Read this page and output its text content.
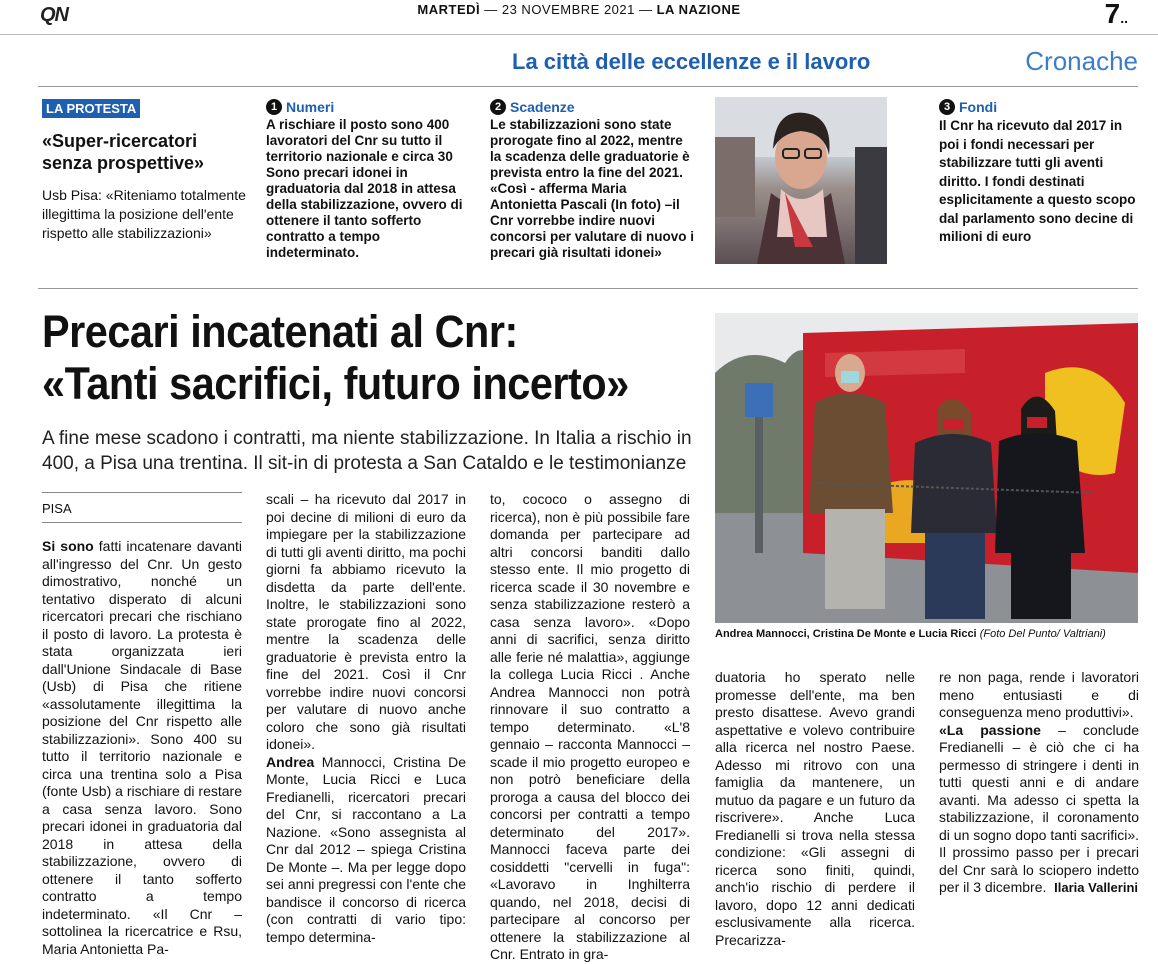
QN	MARTEDÌ — 23 NOVEMBRE 2021 — LA NAZIONE	7..
La città delle eccellenze e il lavoro	Cronache
LA PROTESTA
«Super-ricercatori
senza prospettive»
Usb Pisa: «Riteniamo totalmente illegittima la posizione dell'ente rispetto alle stabilizzazioni»
1 Numeri
A rischiare il posto sono 400 lavoratori del Cnr su tutto il territorio nazionale e circa 30 Sono precari idonei in graduatoria dal 2018 in attesa della stabilizzazione, ovvero di ottenere il tanto sofferto contratto a tempo indeterminato.
2 Scadenze
Le stabilizzazioni sono state prorogate fino al 2022, mentre la scadenza delle graduatorie è prevista entro la fine del 2021. «Così - afferma Maria Antonietta Pascali (In foto) –il Cnr vorrebbe indire nuovi concorsi per valutare di nuovo i precari già risultati idonei»
3 Fondi
Il Cnr ha ricevuto dal 2017 in poi i fondi necessari per stabilizzare tutti gli aventi diritto. I fondi destinati esplicitamente a questo scopo dal parlamento sono decine di milioni di euro
Precari incatenati al Cnr:
«Tanti sacrifici, futuro incerto»
A fine mese scadono i contratti, ma niente stabilizzazione. In Italia a rischio in 400, a Pisa una trentina. Il sit-in di protesta a San Cataldo e le testimonianze
Andrea Mannocci, Cristina De Monte e Lucia Ricci (Foto Del Punto/ Valtriani)
PISA
Si sono fatti incatenare davanti all'ingresso del Cnr. Un gesto dimostrativo, nonché un tentativo disperato di alcuni ricercatori precari che rischiano il posto di lavoro. La protesta è stata organizzata ieri dall'Unione Sindacale di Base (Usb) di Pisa che ritiene «assolutamente illegittima la posizione del Cnr rispetto alle stabilizzazioni». Sono 400 su tutto il territorio nazionale e circa una trentina solo a Pisa (fonte Usb) a rischiare di restare a casa senza lavoro. Sono precari idonei in graduatoria dal 2018 in attesa della stabilizzazione, ovvero di ottenere il tanto sofferto contratto a tempo indeterminato. «Il Cnr – sottolinea la ricercatrice e Rsu, Maria Antonietta Pa-
scali – ha ricevuto dal 2017 in poi decine di milioni di euro da impiegare per la stabilizzazione di tutti gli aventi diritto, ma pochi giorni fa abbiamo ricevuto la disdetta da parte dell'ente. Inoltre, le stabilizzazioni sono state prorogate fino al 2022, mentre la scadenza delle graduatorie è prevista entro la fine del 2021. Così il Cnr vorrebbe indire nuovi concorsi per valutare di nuovo anche coloro che sono già risultati idonei».
Andrea Mannocci, Cristina De Monte, Lucia Ricci e Luca Fredianelli, ricercatori precari del Cnr, si raccontano a La Nazione. «Sono assegnista al Cnr dal 2012 – spiega Cristina De Monte –. Ma per legge dopo sei anni pregressi con l'ente che bandisce il concorso di ricerca (con contratti di vario tipo: tempo determina-
to, cococo o assegno di ricerca), non è più possibile fare domanda per partecipare ad altri concorsi banditi dallo stesso ente. Il mio progetto di ricerca scade il 30 novembre e senza stabilizzazione resterò a casa senza lavoro». «Dopo anni di sacrifici, senza diritto alle ferie né malattia», aggiunge la collega Lucia Ricci . Anche Andrea Mannocci non potrà rinnovare il suo contratto a tempo determinato. «L'8 gennaio – racconta Mannocci – scade il mio progetto europeo e non potrò beneficiare della proroga a causa del blocco dei concorsi per contratti a tempo determinato del 2017». Mannocci faceva parte dei cosiddetti "cervelli in fuga": «Lavoravo in Inghilterra quando, nel 2018, decisi di partecipare al concorso per ottenere la stabilizzazione al Cnr. Entrato in gra-
duatoria ho sperato nelle promesse dell'ente, ma ben presto disattese. Avevo grandi aspettative e volevo contribuire alla ricerca nel nostro Paese. Adesso mi ritrovo con una famiglia da mantenere, un mutuo da pagare e un futuro da riscrivere». Anche Luca Fredianelli si trova nella stessa condizione: «Gli assegni di ricerca sono finiti, quindi, anch'io rischio di perdere il lavoro, dopo 12 anni dedicati esclusivamente alla ricerca. Precarizza-
re non paga, rende i lavoratori meno entusiasti e di conseguenza meno produttivi».
«La passione – conclude Fredianelli – è ciò che ci ha permesso di stringere i denti in tutti questi anni e di andare avanti. Ma adesso ci spetta la stabilizzazione, il coronamento di un sogno dopo tanti sacrifici».
Il prossimo passo per i precari del Cnr sarà lo sciopero indetto per il 3 dicembre. Ilaria Vallerini
